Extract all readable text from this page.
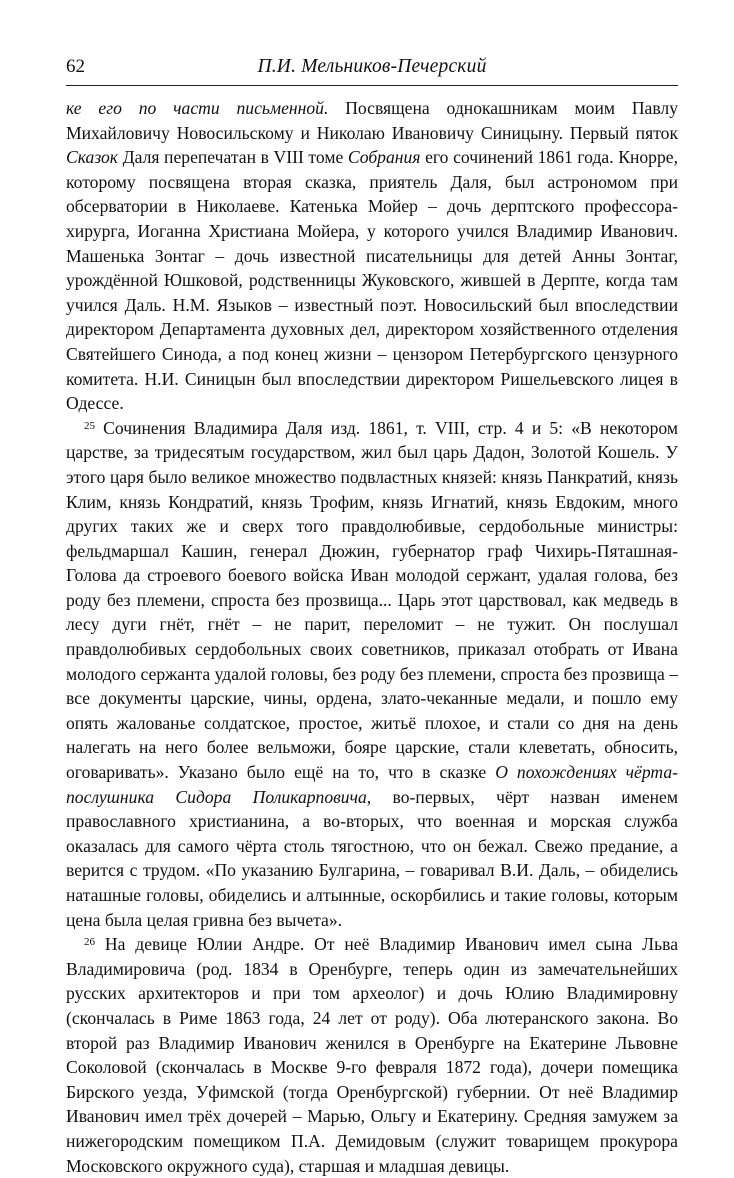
62	П.И. Мельников-Печерский

ке его по части письменной. Посвящена однокашникам моим Павлу Михайловичу Новосильскому и Николаю Ивановичу Синицыну. Первый пяток Сказок Даля перепечатан в VIII томе Собрания его сочинений 1861 года. Кнорре, которому посвящена вторая сказка, приятель Даля, был астрономом при обсерватории в Николаеве. Катенька Мойер – дочь дерптского профессора-хирурга, Иоганна Христиана Мойера, у которого учился Владимир Иванович. Машенька Зонтаг – дочь известной писательницы для детей Анны Зонтаг, урождённой Юшковой, родственницы Жуковского, жившей в Дерпте, когда там учился Даль. Н.М. Языков – известный поэт. Новосильский был впоследствии директором Департамента духовных дел, директором хозяйственного отделения Святейшего Синода, а под конец жизни – цензором Петербургского цензурного комитета. Н.И. Синицын был впоследствии директором Ришельевского лицея в Одессе.

$^{25}$ Сочинения Владимира Даля изд. 1861, т. VIII, стр. 4 и 5: «В некотором царстве, за тридесятым государством, жил был царь Дадон, Золотой Кошель. У этого царя было великое множество подвластных князей: князь Панкратий, князь Клим, князь Кондратий, князь Трофим, князь Игнатий, князь Евдоким, много других таких же и сверх того правдолюбивые, сердобольные министры: фельдмаршал Кашин, генерал Дюжин, губернатор граф Чихирь-Пяташная-Голова да строевого боевого войска Иван молодой сержант, удалая голова, без роду без племени, спроста без прозвища... Царь этот царствовал, как медведь в лесу дуги гнёт, гнёт – не парит, переломит – не тужит. Он послушал правдолюбивых сердобольных своих советников, приказал отобрать от Ивана молодого сержанта удалой головы, без роду без племени, спроста без прозвища – все документы царские, чины, ордена, злато-чеканные медали, и пошло ему опять жалованье солдатское, простое, житьё плохое, и стали со дня на день налегать на него более вельможи, бояре царские, стали клеветать, обносить, оговаривать». Указано было ещё на то, что в сказке О похождениях чёрта-послушника Сидора Поликарповича, во-первых, чёрт назван именем православного христианина, а во-вторых, что военная и морская служба оказалась для самого чёрта столь тягостною, что он бежал. Свежо предание, а верится с трудом. «По указанию Булгарина, – говаривал В.И. Даль, – обиделись наташные головы, обиделись и алтынные, оскорбились и такие головы, которым цена была целая гривна без вычета».

$^{26}$ На девице Юлии Андре. От неё Владимир Иванович имел сына Льва Владимировича (род. 1834 в Оренбурге, теперь один из замечательнейших русских архитекторов и при том археолог) и дочь Юлию Владимировну (скончалась в Риме 1863 года, 24 лет от роду). Оба лютеранского закона. Во второй раз Владимир Иванович женился в Оренбурге на Екатерине Львовне Соколовой (скончалась в Москве 9-го февраля 1872 года), дочери помещика Бирского уезда, Уфимской (тогда Оренбургской) губернии. От неё Владимир Иванович имел трёх дочерей – Марью, Ольгу и Екатерину. Средняя замужем за нижегородским помещиком П.А. Демидовым (служит товарищем прокурора Московского окружного суда), старшая и младшая девицы.
